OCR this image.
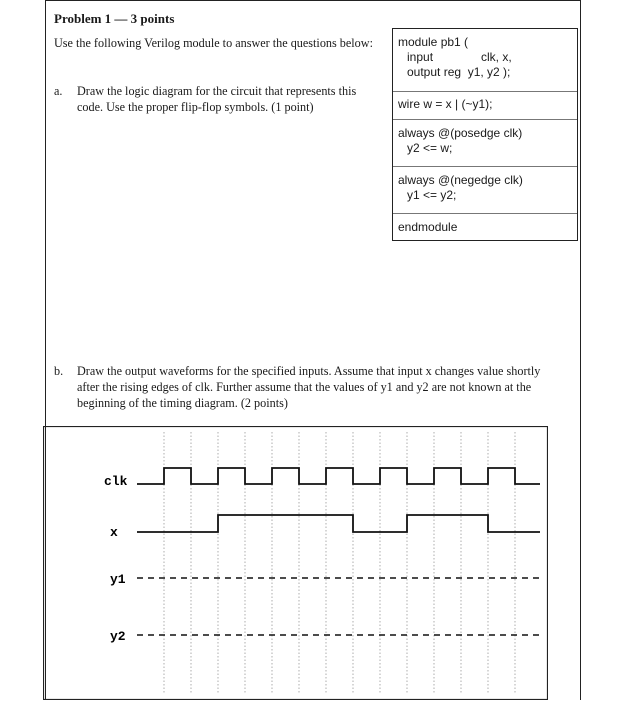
Problem 1 — 3 points
Use the following Verilog module to answer the questions below:
a. Draw the logic diagram for the circuit that represents this code. Use the proper flip-flop symbols. (1 point)
module pb1 (
input	clk, x,
output reg  y1, y2 );
wire w = x | (~y1);
always @(posedge clk)
y2 <= w;
always @(negedge clk)
y1 <= y2;
endmodule
b. Draw the output waveforms for the specified inputs. Assume that input x changes value shortly after the rising edges of clk. Further assume that the values of y1 and y2 are not known at the beginning of the timing diagram. (2 points)
clk
x
y1
y2
